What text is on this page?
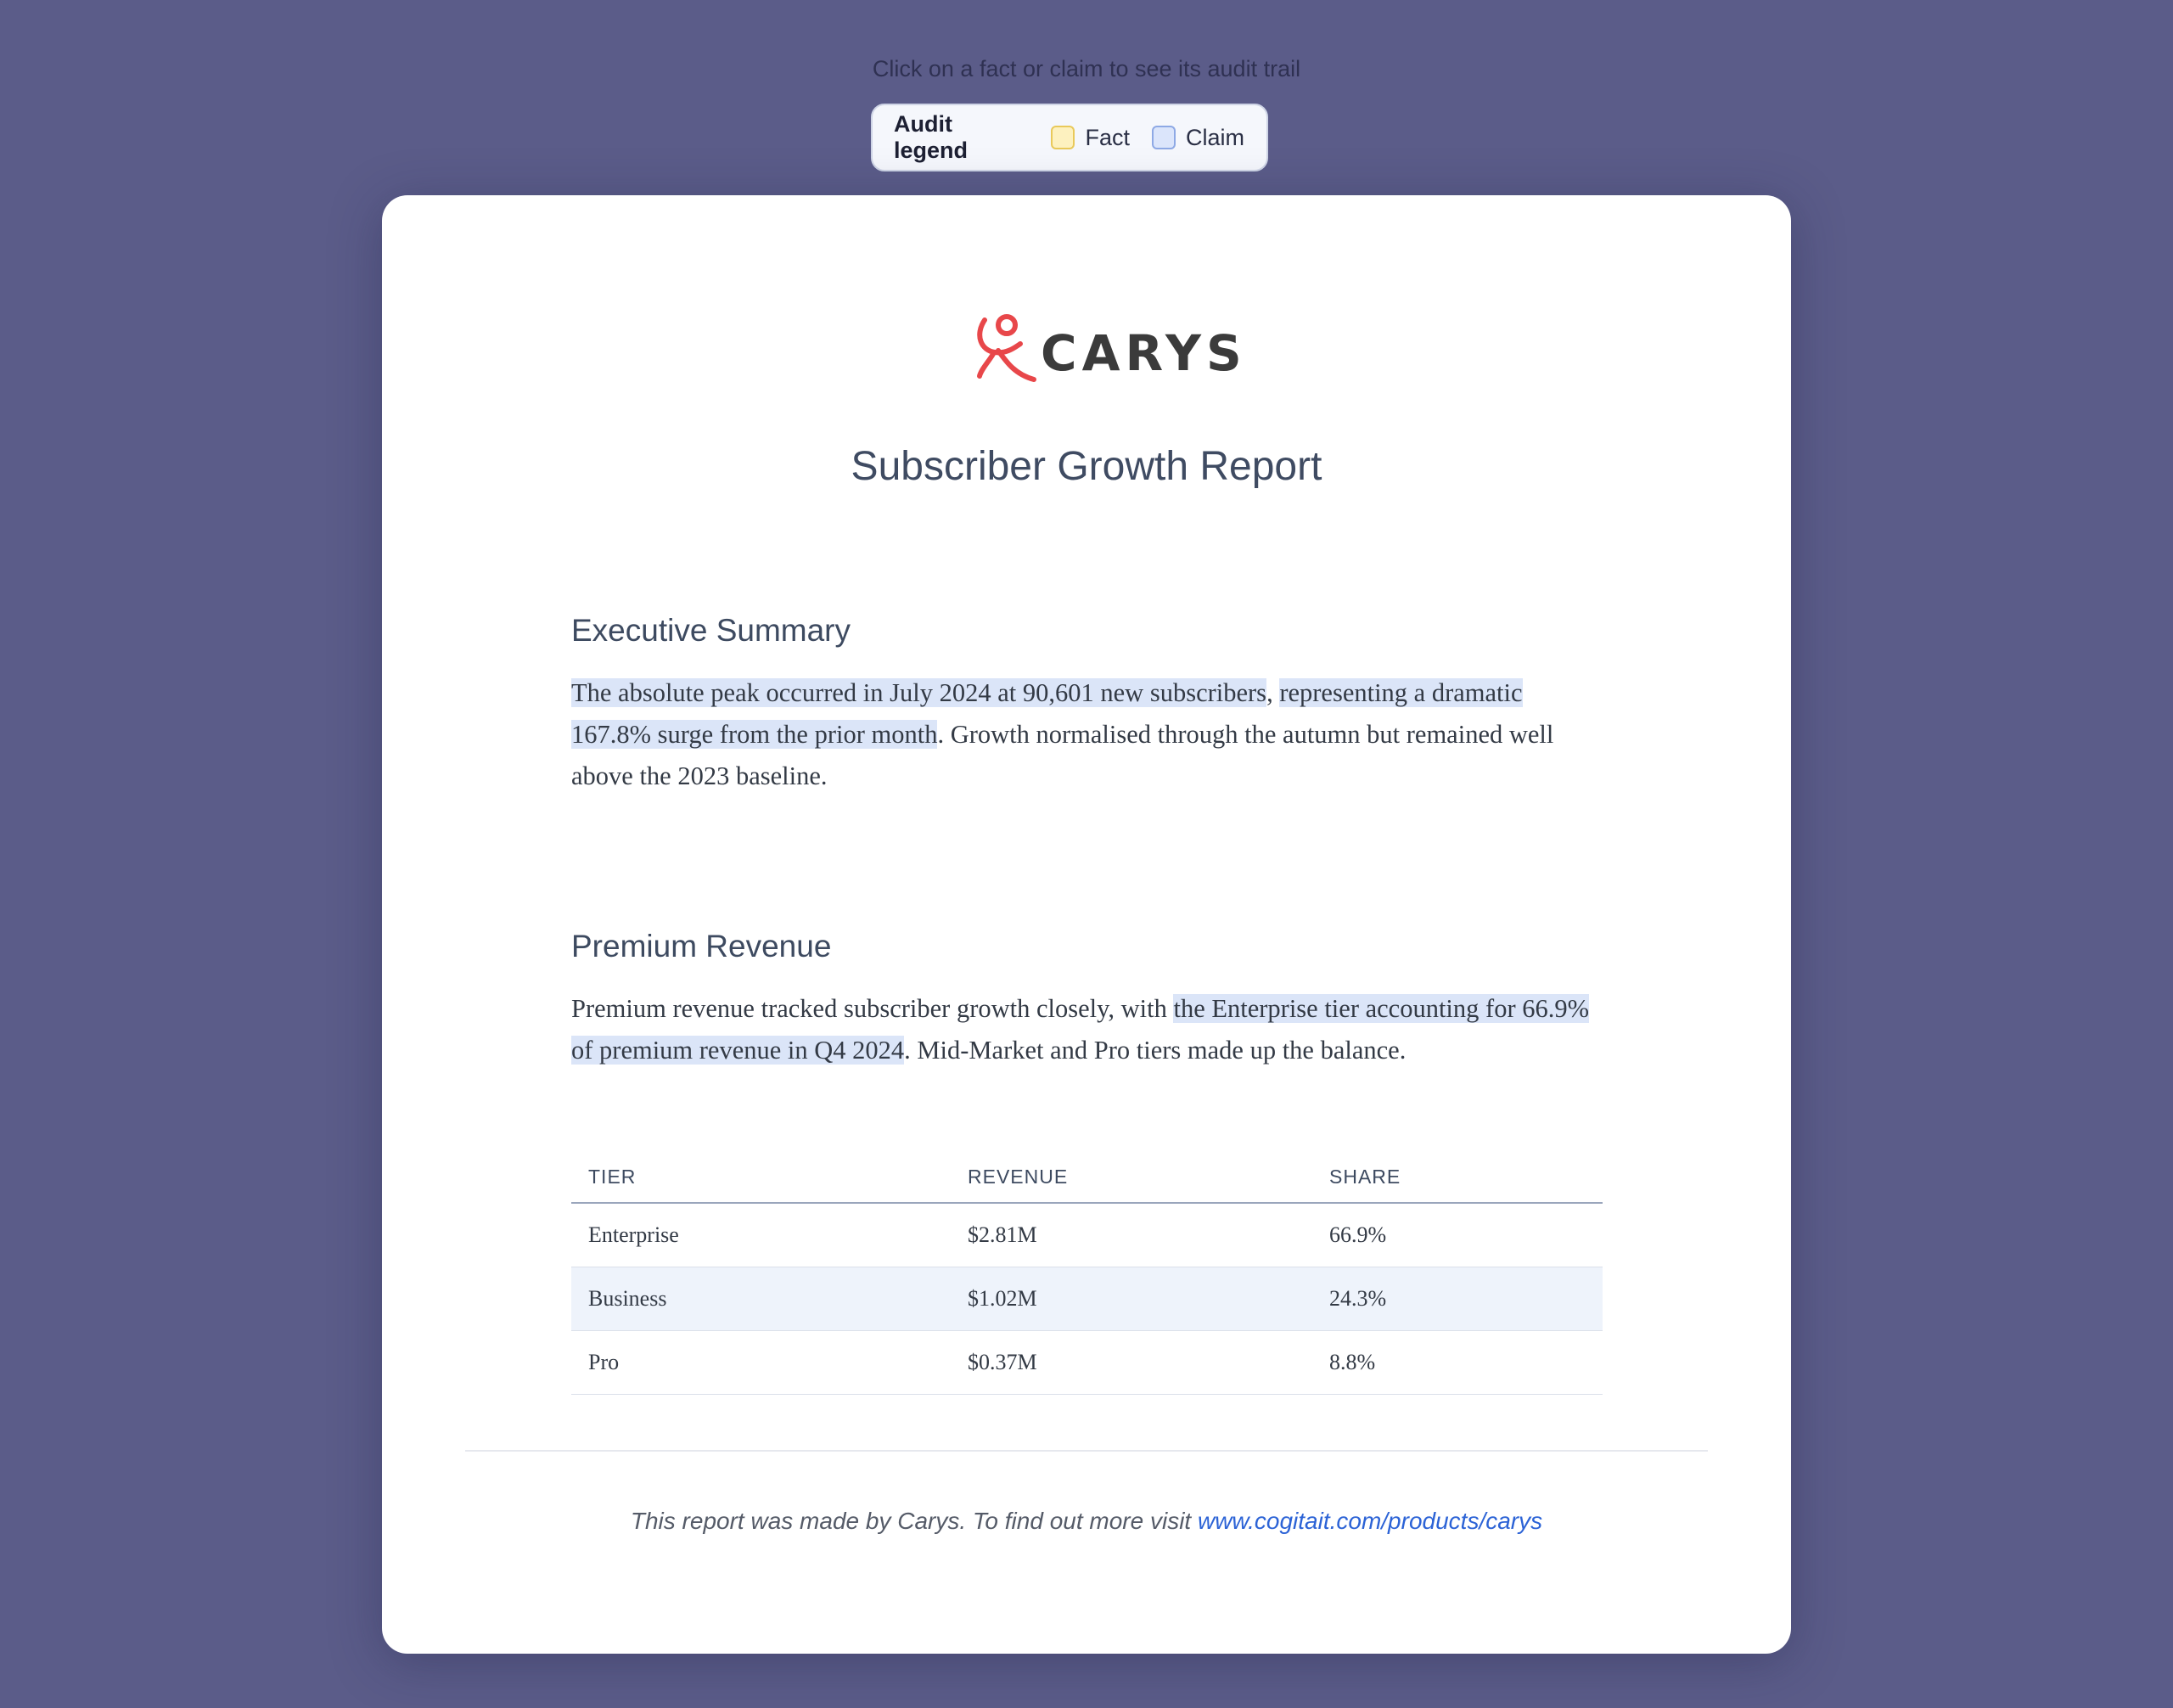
Click on a fact or claim to see its audit trail
Audit legend
Fact Claim
CARYS
Subscriber Growth Report
Executive Summary

The absolute peak occurred in July 2024 at 90,601 new subscribers, representing a dramatic 167.8% surge from the prior month. Growth normalised through the autumn but remained well above the 2023 baseline.

Premium Revenue

Premium revenue tracked subscriber growth closely, with the Enterprise tier accounting for 66.9% of premium revenue in Q4 2024. Mid-Market and Pro tiers made up the balance.

TIER	REVENUE	SHARE
Enterprise	$2.81M	66.9%
Business	$1.02M	24.3%
Pro	$0.37M	8.8%
This report was made by Carys. To find out more visit www.cogitait.com/products/carys
